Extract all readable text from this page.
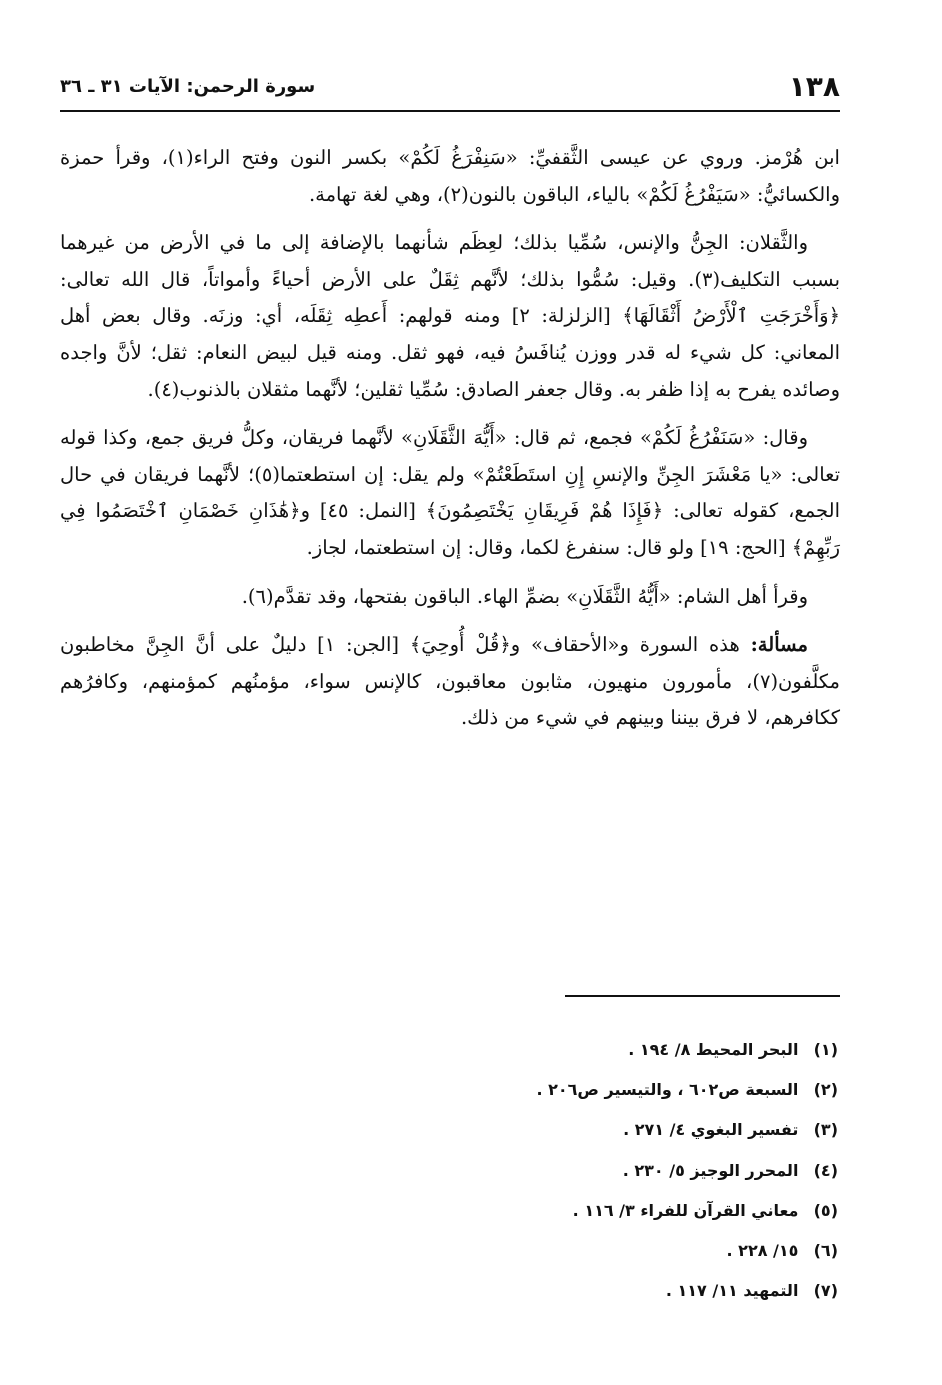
١٣٨
سورة الرحمن: الآيات ٣١ ـ ٣٦

ابن هُرْمز. وروي عن عيسى الثَّقفيِّ: «سَنِفْرَغُ لَكُمْ» بكسر النون وفتح الراء(١)، وقرأ حمزة والكسائيُّ: «سَيَفْرُغُ لَكُمْ» بالياء، الباقون بالنون(٢)، وهي لغة تهامة.

والثَّقلان: الجِنُّ والإنس، سُمِّيا بذلك؛ لعِظَم شأنهما بالإضافة إلى ما في الأرض من غيرهما بسبب التكليف(٣). وقيل: سُمُّوا بذلك؛ لأنَّهم ثِقَلٌ على الأرض أحياءً وأمواتاً، قال الله تعالى: ﴿وَأَخْرَجَتِ ٱلْأَرْضُ أَثْقَالَهَا﴾ [الزلزلة: ٢] ومنه قولهم: أَعطِه ثِقَلَه، أي: وزنَه. وقال بعض أهل المعاني: كل شيء له قدر ووزن يُنافَسُ فيه، فهو ثقل. ومنه قيل لبيض النعام: ثقل؛ لأنَّ واجده وصائده يفرح به إذا ظفر به. وقال جعفر الصادق: سُمِّيا ثقلين؛ لأنَّهما مثقلان بالذنوب(٤).

وقال: «سَنَفْرُغُ لَكُمْ» فجمع، ثم قال: «أَيُّهَ الثَّقَلَانِ» لأنَّهما فريقان، وكلُّ فريق جمع، وكذا قوله تعالى: «يا مَعْشَرَ الجِنِّ والإنسِ إِنِ استَطَعْتُمْ» ولم يقل: إن استطعتما(٥)؛ لأنَّهما فريقان في حال الجمع، كقوله تعالى: ﴿فَإِذَا هُمْ فَرِيقَانِ يَخْتَصِمُونَ﴾ [النمل: ٤٥] و﴿هَٰذَانِ خَصْمَانِ ٱخْتَصَمُوا فِي رَبِّهِمْ﴾ [الحج: ١٩] ولو قال: سنفرغ لكما، وقال: إن استطعتما، لجاز.

وقرأ أهل الشام: «أَيُّهُ الثَّقَلَانِ» بضمِّ الهاء. الباقون بفتحها، وقد تقدَّم(٦).

مسألة: هذه السورة و«الأحقاف» و﴿قُلْ أُوحِيَ﴾ [الجن: ١] دليلٌ على أنَّ الجِنَّ مخاطبون مكلَّفون(٧)، مأمورون منهيون، مثابون معاقبون، كالإنس سواء، مؤمنُهم كمؤمنهم، وكافرُهم ككافرهم، لا فرق بيننا وبينهم في شيء من ذلك.

(١) البحر المحيط ٨/ ١٩٤ .
(٢) السبعة ص٦٠٢ ، والتيسير ص٢٠٦ .
(٣) تفسير البغوي ٤/ ٢٧١ .
(٤) المحرر الوجيز ٥/ ٢٣٠ .
(٥) معاني القرآن للفراء ٣/ ١١٦ .
(٦) ١٥/ ٢٢٨ .
(٧) التمهيد ١١/ ١١٧ .
